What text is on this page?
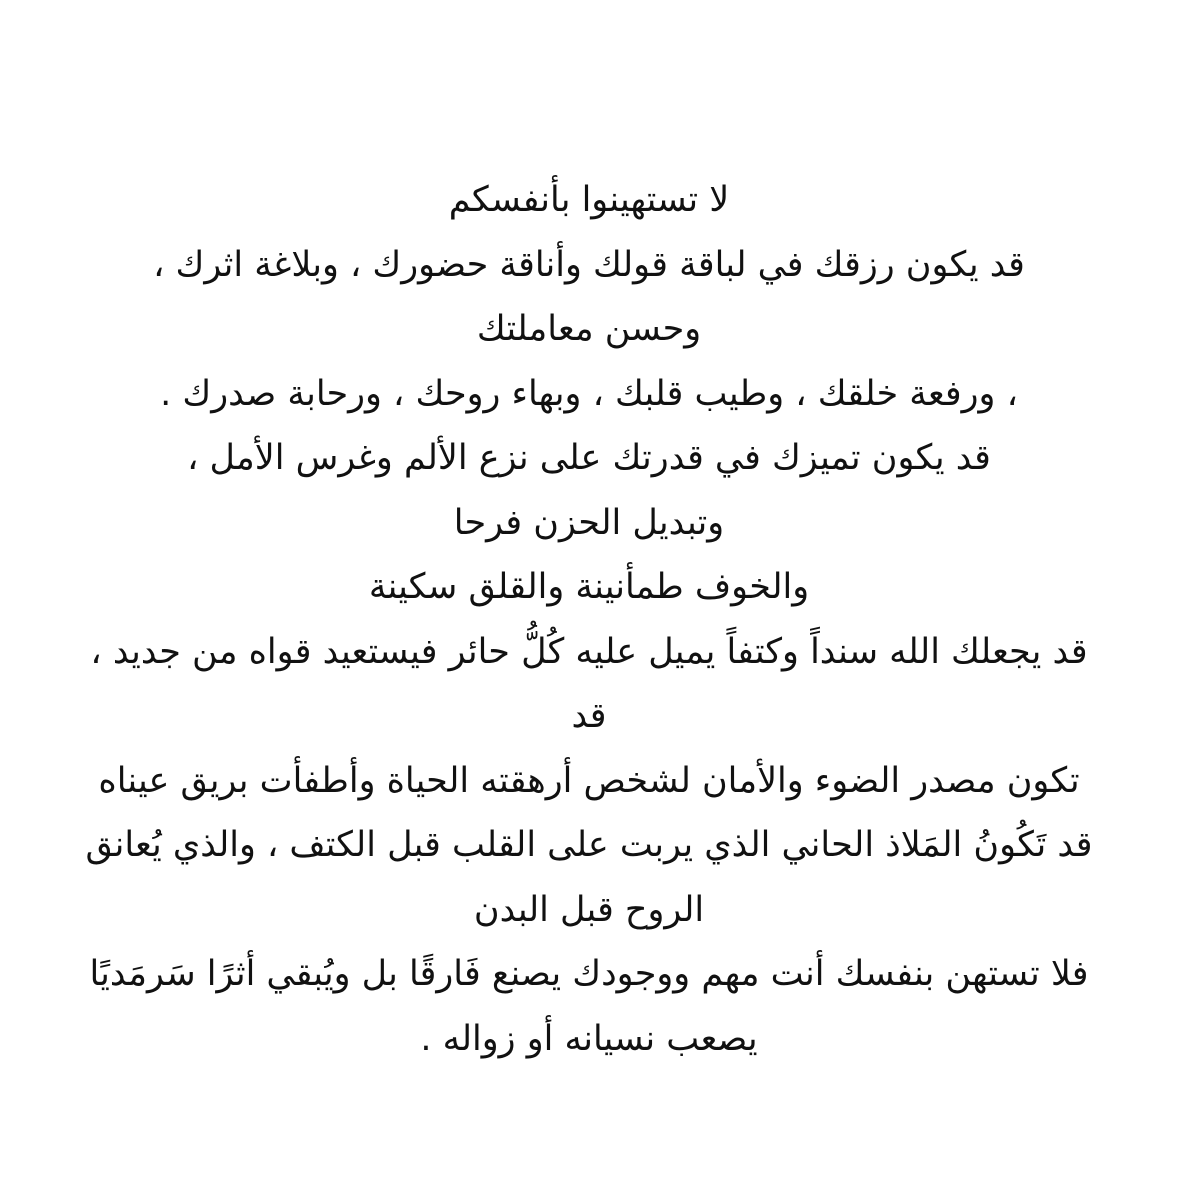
لا تستهينوا بأنفسكم
قد يكون رزقك في لباقة قولك وأناقة حضورك ، وبلاغة اثرك ،
وحسن معاملتك
، ورفعة خلقك ، وطيب قلبك ، وبهاء روحك ، ورحابة صدرك .
قد يكون تميزك في قدرتك على نزع الألم وغرس الأمل ،
وتبديل الحزن فرحا
والخوف طمأنينة والقلق سكينة
قد يجعلك الله سنداً وكتفاً يميل عليه كُلُّ حائر فيستعيد قواه من جديد ،
قد
تكون مصدر الضوء والأمان لشخص أرهقته الحياة وأطفأت بريق عيناه
قد تَكُونُ المَلاذ الحاني الذي يربت على القلب قبل الكتف ، والذي يُعانق
الروح قبل البدن
فلا تستهن بنفسك أنت مهم ووجودك يصنع فَارقًا بل ويُبقي أثرًا سَرمَديًا
يصعب نسيانه أو زواله .
